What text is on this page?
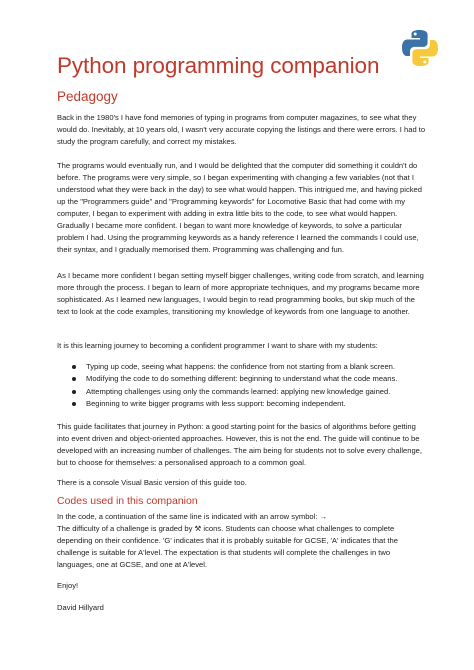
Python programming companion
Pedagogy

Back in the 1980's I have fond memories of typing in programs from computer magazines, to see what they would do. Inevitably, at 10 years old, I wasn't very accurate copying the listings and there were errors. I had to study the program carefully, and correct my mistakes.

The programs would eventually run, and I would be delighted that the computer did something it couldn't do before. The programs were very simple, so I began experimenting with changing a few variables (not that I understood what they were back in the day) to see what would happen. This intrigued me, and having picked up the "Programmers guide" and "Programming keywords" for Locomotive Basic that had come with my computer, I began to experiment with adding in extra little bits to the code, to see what would happen. Gradually I became more confident. I began to want more knowledge of keywords, to solve a particular problem I had. Using the programming keywords as a handy reference I learned the commands I could use, their syntax, and I gradually memorised them. Programming was challenging and fun.

As I became more confident I began setting myself bigger challenges, writing code from scratch, and learning more through the process. I began to learn of more appropriate techniques, and my programs became more sophisticated. As I learned new languages, I would begin to read programming books, but skip much of the text to look at the code examples, transitioning my knowledge of keywords from one language to another.

It is this learning journey to becoming a confident programmer I want to share with my students:

Typing up code, seeing what happens: the confidence from not starting from a blank screen.
Modifying the code to do something different: beginning to understand what the code means.
Attempting challenges using only the commands learned: applying new knowledge gained.
Beginning to write bigger programs with less support: becoming independent.

This guide facilitates that journey in Python: a good starting point for the basics of algorithms before getting into event driven and object-oriented approaches. However, this is not the end. The guide will continue to be developed with an increasing number of challenges. The aim being for students not to solve every challenge, but to choose for themselves: a personalised approach to a common goal.

There is a console Visual Basic version of this guide too.

Codes used in this companion

In the code, a continuation of the same line is indicated with an arrow symbol: →

The difficulty of a challenge is graded by ⚒ icons. Students can choose what challenges to complete depending on their confidence. 'G' indicates that it is probably suitable for GCSE, 'A' indicates that the challenge is suitable for A'level. The expectation is that students will complete the challenges in two languages, one at GCSE, and one at A'level.

Enjoy!

David Hillyard
